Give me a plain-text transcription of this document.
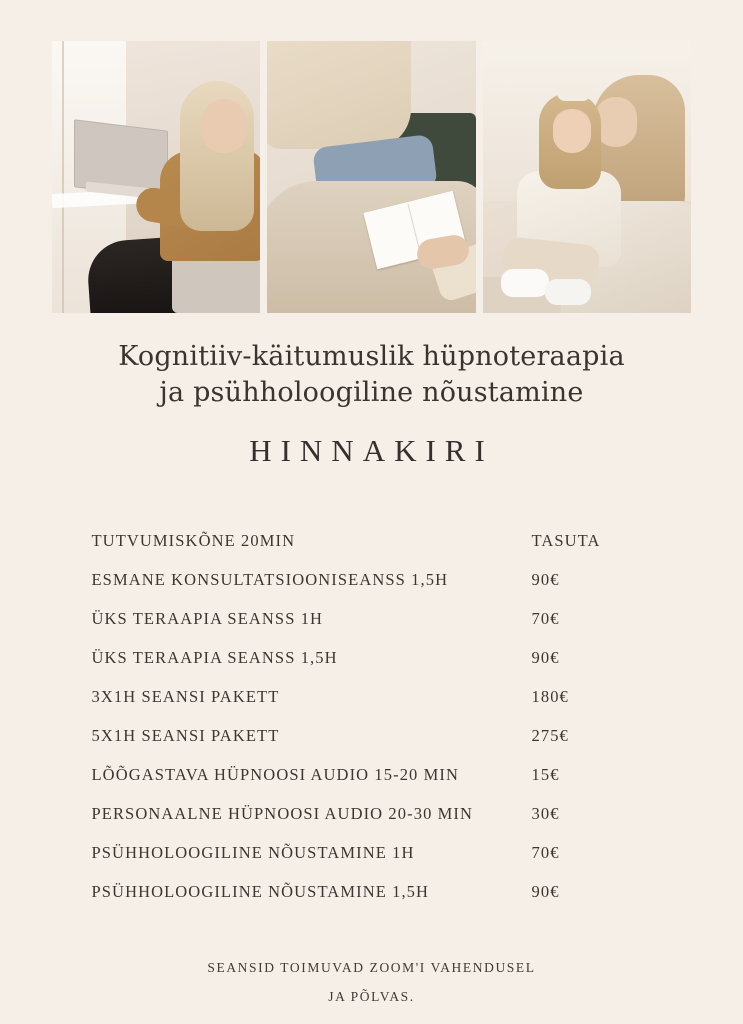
Kognitiiv-käitumuslik hüpnoteraapia
ja psühholoogiline nõustamine
HINNAKIRI
TUTVUMISKÕNE 20MIN	TASUTA
ESMANE KONSULTATSIOONISEANSS 1,5H	90€
ÜKS TERAAPIA SEANSS 1H	70€
ÜKS TERAAPIA SEANSS 1,5H	90€
3X1H SEANSI PAKETT	180€
5X1H SEANSI PAKETT	275€
LÕÕGASTAVA HÜPNOOSI AUDIO 15-20 MIN	15€
PERSONAALNE HÜPNOOSI AUDIO 20-30 MIN	30€
PSÜHHOLOOGILINE NÕUSTAMINE 1H	70€
PSÜHHOLOOGILINE NÕUSTAMINE 1,5H	90€
SEANSID TOIMUVAD ZOOM'I VAHENDUSEL
JA PÕLVAS.
